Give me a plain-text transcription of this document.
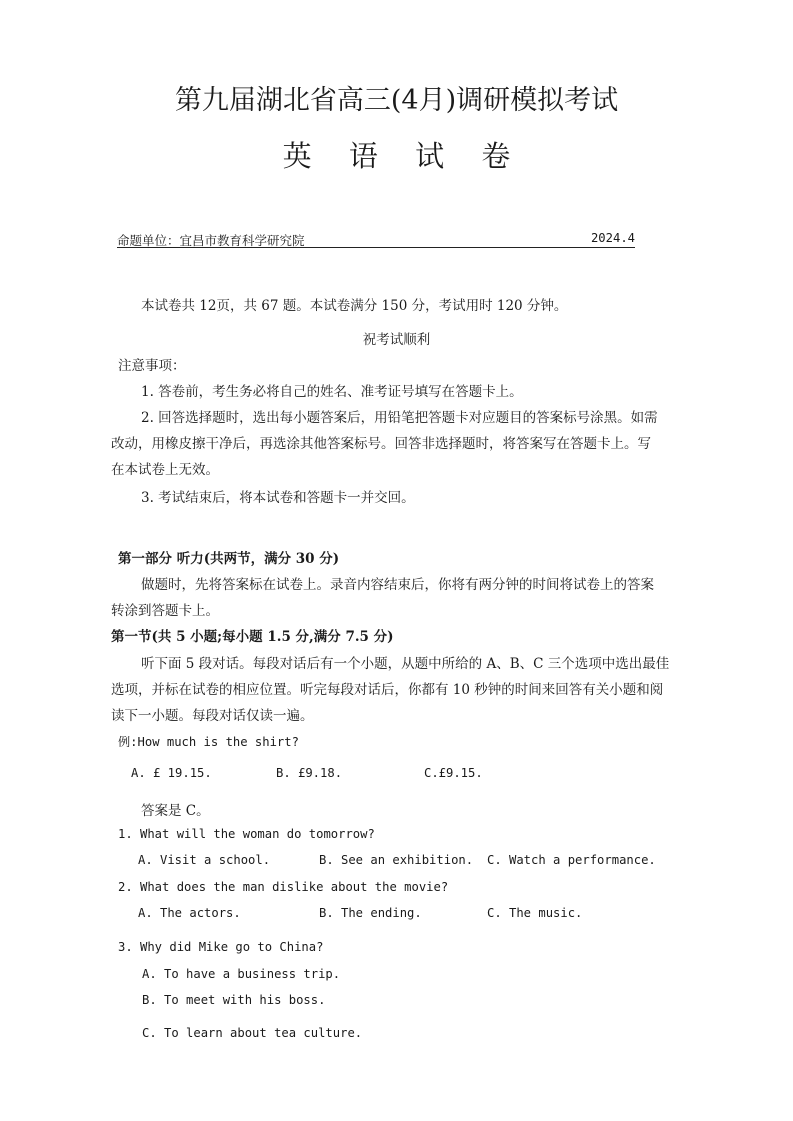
第九届湖北省高三(4月)调研模拟考试
英 语 试 卷
命题单位：宜昌市教育科学研究院	2024.4
本试卷共 12页，共 67 题。本试卷满分 150 分，考试用时 120 分钟。
祝考试顺利
注意事项：
1. 答卷前，考生务必将自己的姓名、准考证号填写在答题卡上。
2. 回答选择题时，选出每小题答案后，用铅笔把答题卡对应题目的答案标号涂黑。如需
改动，用橡皮擦干净后，再选涂其他答案标号。回答非选择题时，将答案写在答题卡上。写
在本试卷上无效。
3. 考试结束后，将本试卷和答题卡一并交回。
第一部分 听力(共两节，满分 30 分)
做题时，先将答案标在试卷上。录音内容结束后，你将有两分钟的时间将试卷上的答案
转涂到答题卡上。
第一节(共 5 小题;每小题 1.5 分,满分 7.5 分)
听下面 5 段对话。每段对话后有一个小题，从题中所给的 A、B、C 三个选项中选出最佳
选项，并标在试卷的相应位置。听完每段对话后，你都有 10 秒钟的时间来回答有关小题和阅
读下一小题。每段对话仅读一遍。
例:How much is the shirt?
A. £ 19.15.	B. £9.18.	C.£9.15.
答案是 C。
1. What will the woman do tomorrow?
A. Visit a school.	B. See an exhibition. C. Watch a performance.
2. What does the man dislike about the movie?
A. The actors.	B. The ending.	C. The music.
3. Why did Mike go to China?
A. To have a business trip.
B. To meet with his boss.
C. To learn about tea culture.
